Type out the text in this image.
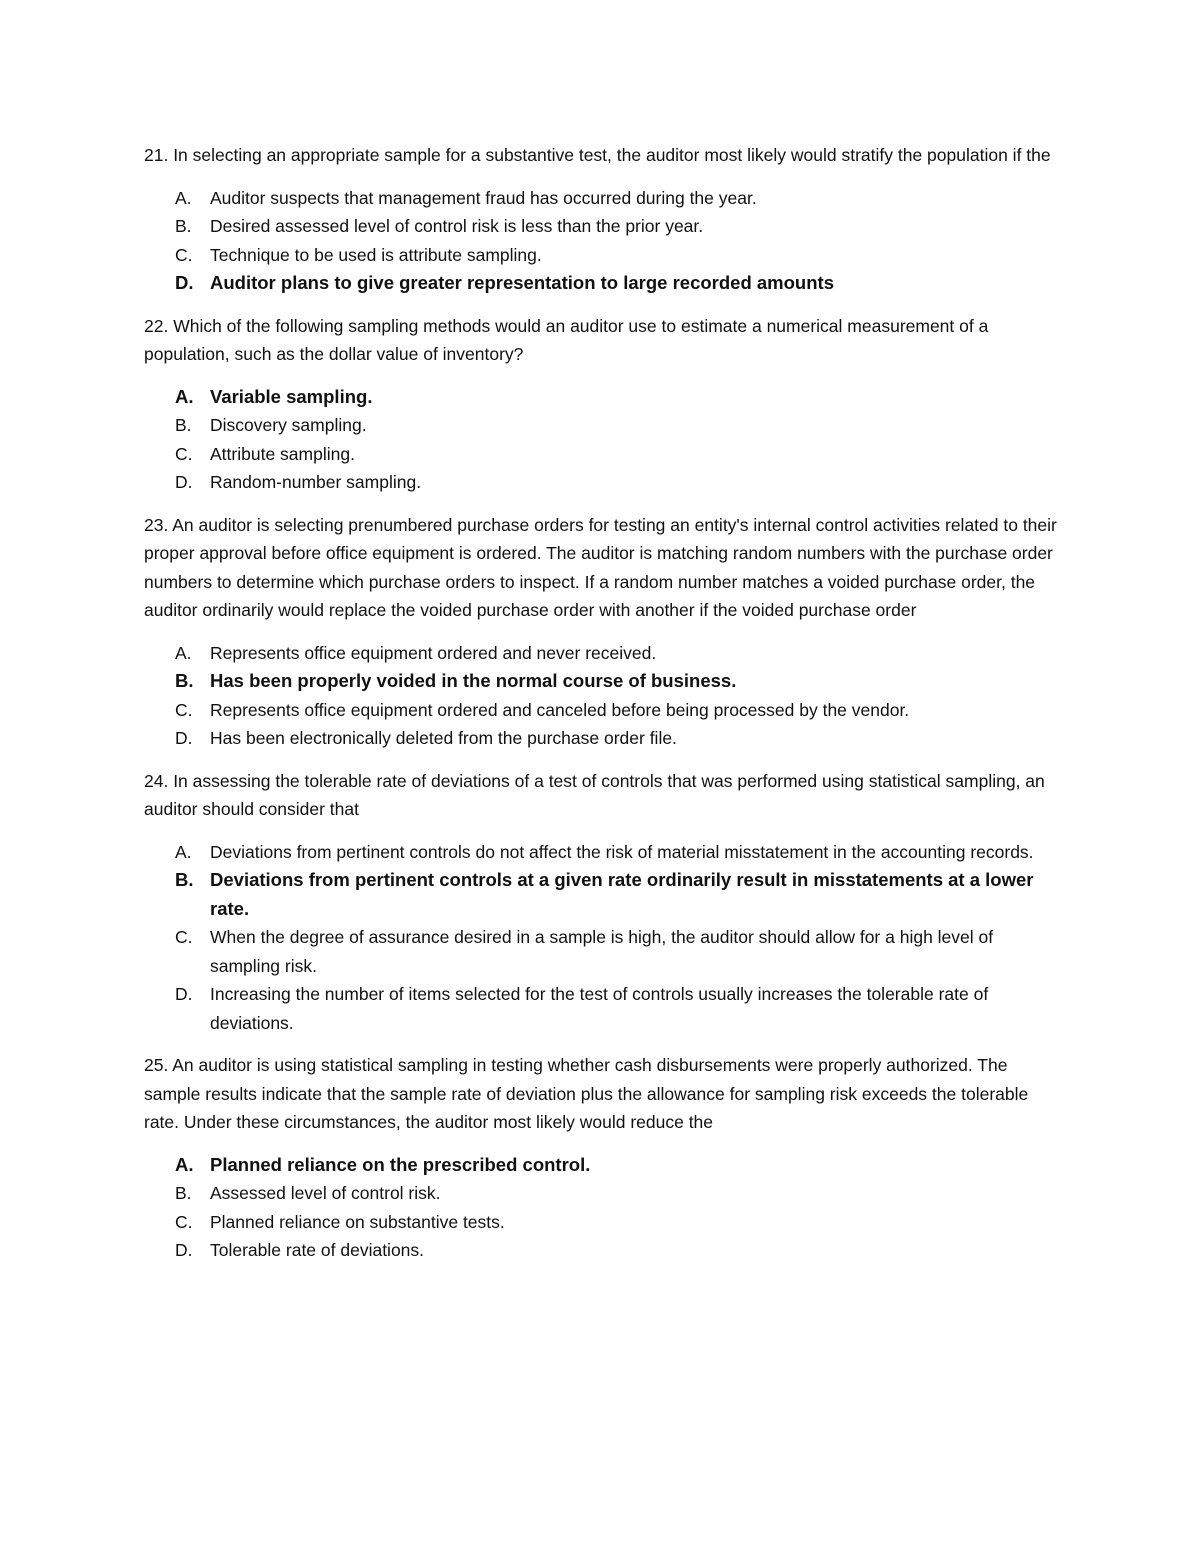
21. In selecting an appropriate sample for a substantive test, the auditor most likely would stratify the population if the

A.	Auditor suspects that management fraud has occurred during the year.
B.	Desired assessed level of control risk is less than the prior year.
C.	Technique to be used is attribute sampling.
D. Auditor plans to give greater representation to large recorded amounts

22. Which of the following sampling methods would an auditor use to estimate a numerical measurement of a population, such as the dollar value of inventory?

A. Variable sampling.
B.	Discovery sampling.
C.	Attribute sampling.
D.	Random-number sampling.

23. An auditor is selecting prenumbered purchase orders for testing an entity's internal control activities related to their proper approval before office equipment is ordered. The auditor is matching random numbers with the purchase order numbers to determine which purchase orders to inspect. If a random number matches a voided purchase order, the auditor ordinarily would replace the voided purchase order with another if the voided purchase order

A.	Represents office equipment ordered and never received.
B. Has been properly voided in the normal course of business.
C.	Represents office equipment ordered and canceled before being processed by the vendor.
D.	Has been electronically deleted from the purchase order file.

24. In assessing the tolerable rate of deviations of a test of controls that was performed using statistical sampling, an auditor should consider that

A.	Deviations from pertinent controls do not affect the risk of material misstatement in the accounting records.
B. Deviations from pertinent controls at a given rate ordinarily result in misstatements at a lower rate.
C.	When the degree of assurance desired in a sample is high, the auditor should allow for a high level of sampling risk.
D.	Increasing the number of items selected for the test of controls usually increases the tolerable rate of deviations.

25. An auditor is using statistical sampling in testing whether cash disbursements were properly authorized. The sample results indicate that the sample rate of deviation plus the allowance for sampling risk exceeds the tolerable rate. Under these circumstances, the auditor most likely would reduce the

A. Planned reliance on the prescribed control.
B.	Assessed level of control risk.
C.	Planned reliance on substantive tests.
D.	Tolerable rate of deviations.
